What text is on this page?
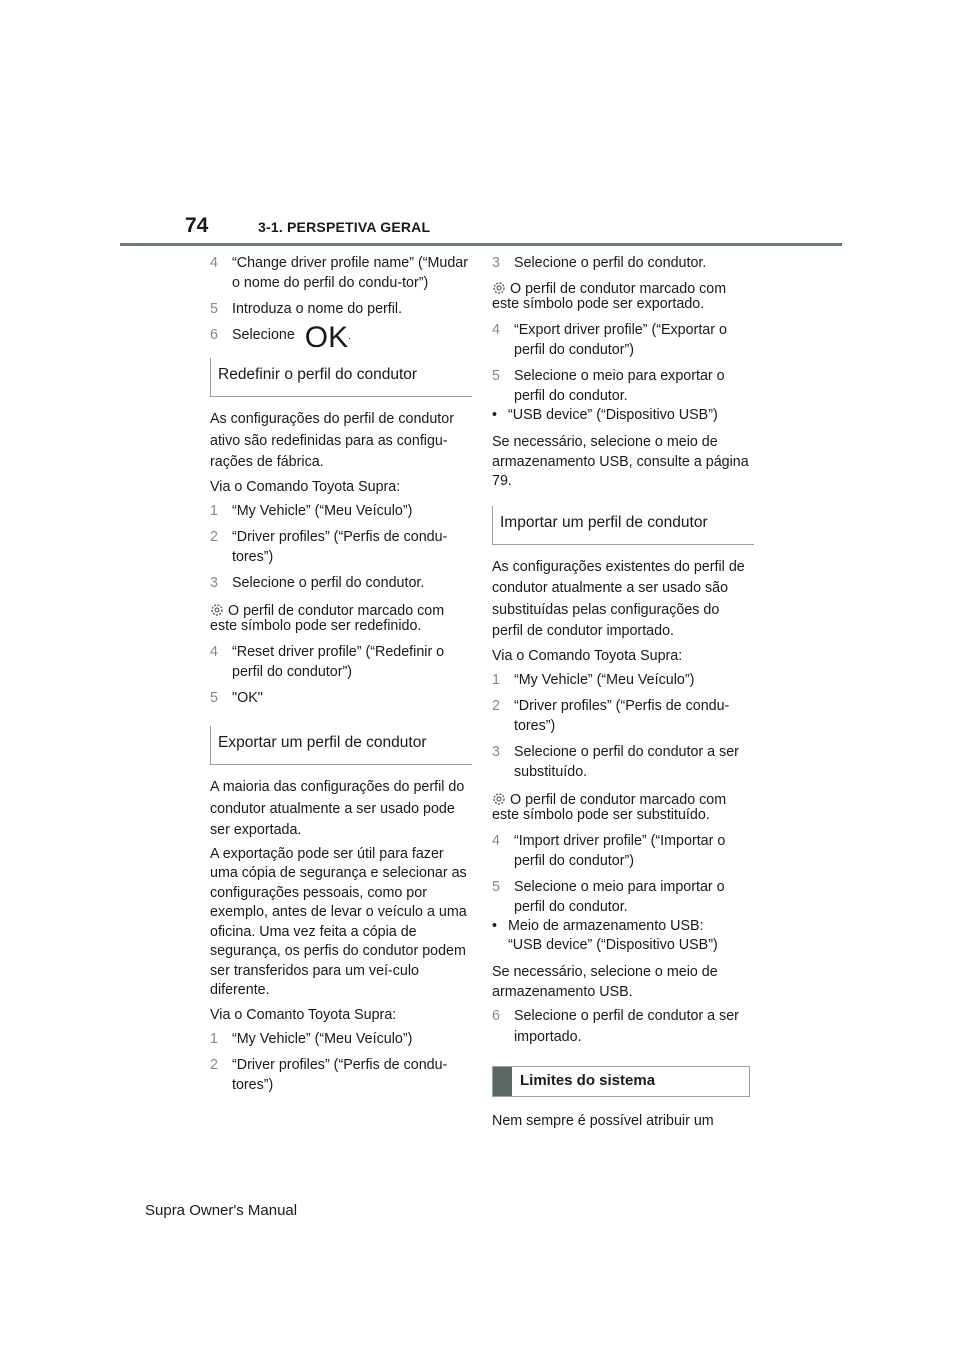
74	3-1. PERSPETIVA GERAL
4 “Change driver profile name” (“Mudar o nome do perfil do condu-tor”)
5 Introduza o nome do perfil.
6 Selecione OK.
Redefinir o perfil do condutor

As configurações do perfil de condutor ativo são redefinidas para as configu-rações de fábrica.

Via o Comando Toyota Supra:

1 “My Vehicle” (“Meu Veículo”)
2 “Driver profiles” (“Perfis de condu-tores”)
3 Selecione o perfil do condutor.

O perfil de condutor marcado com este símbolo pode ser redefinido.

4 “Reset driver profile” (“Redefinir o perfil do condutor”)
5 "OK"
Exportar um perfil de condutor

A maioria das configurações do perfil do condutor atualmente a ser usado pode ser exportada.

A exportação pode ser útil para fazer uma cópia de segurança e selecionar as configurações pessoais, como por exemplo, antes de levar o veículo a uma oficina. Uma vez feita a cópia de segurança, os perfis do condutor podem ser transferidos para um veí-culo diferente.

Via o Comanto Toyota Supra:

1 “My Vehicle” (“Meu Veículo”)
2 “Driver profiles” (“Perfis de condu-tores”)
3 Selecione o perfil do condutor.

O perfil de condutor marcado com este símbolo pode ser exportado.

4 “Export driver profile” (“Exportar o perfil do condutor”)
5 Selecione o meio para exportar o perfil do condutor.
• “USB device” (“Dispositivo USB”)

Se necessário, selecione o meio de armazenamento USB, consulte a página 79.

Importar um perfil de condutor

As configurações existentes do perfil de condutor atualmente a ser usado são substituídas pelas configurações do perfil de condutor importado.

Via o Comando Toyota Supra:

1 “My Vehicle” (“Meu Veículo”)
2 “Driver profiles” (“Perfis de condu-tores”)
3 Selecione o perfil do condutor a ser substituído.

O perfil de condutor marcado com este símbolo pode ser substituído.

4 “Import driver profile” (“Importar o perfil do condutor”)
5 Selecione o meio para importar o perfil do condutor.
• Meio de armazenamento USB:
“USB device” (“Dispositivo USB”)

Se necessário, selecione o meio de armazenamento USB.

6 Selecione o perfil de condutor a ser importado.
Limites do sistema

Nem sempre é possível atribuir um

Supra Owner's Manual
